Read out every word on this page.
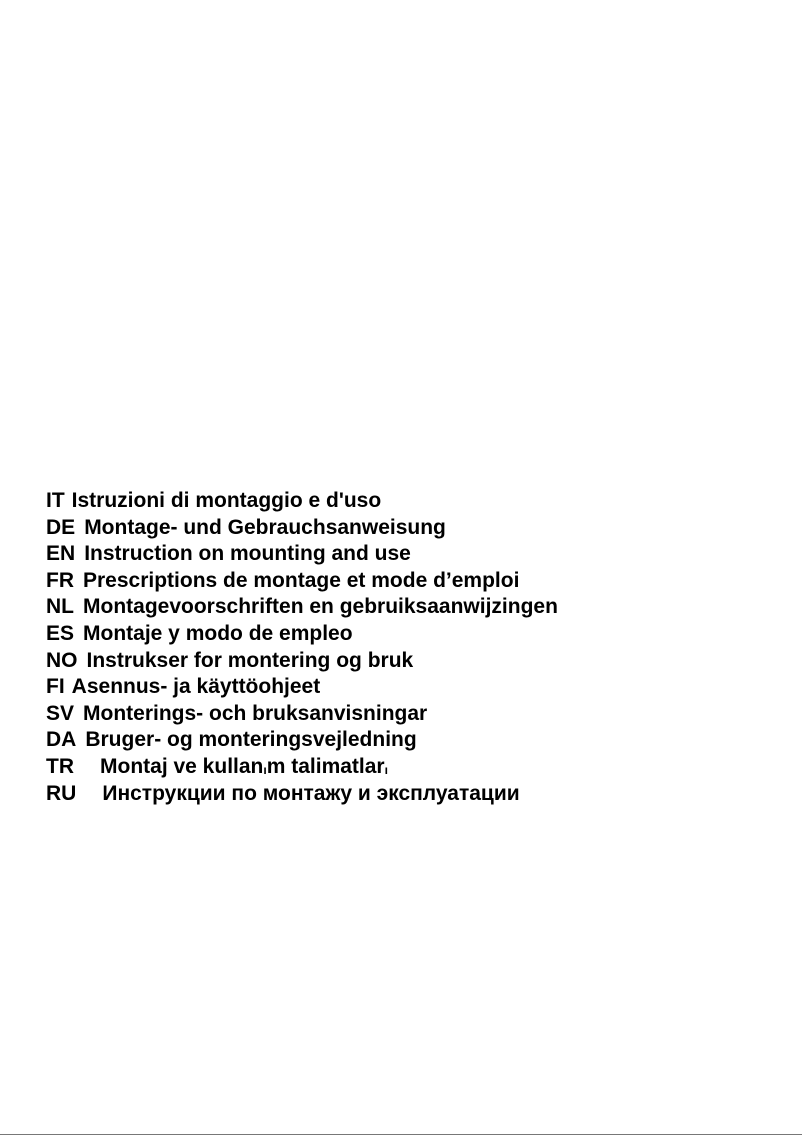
IT Istruzioni di montaggio e d'uso
DE Montage- und Gebrauchsanweisung
EN Instruction on mounting and use
FR Prescriptions de montage et mode d’emploi
NL Montagevoorschriften en gebruiksaanwijzingen
ES Montaje y modo de empleo
NO Instrukser for montering og bruk
FI Asennus- ja käyttöohjeet
SV Monterings- och bruksanvisningar
DA Bruger- og monteringsvejledning
TR Montaj ve kullanım talimatları
RU Инструкции по монтажу и эксплуатации
